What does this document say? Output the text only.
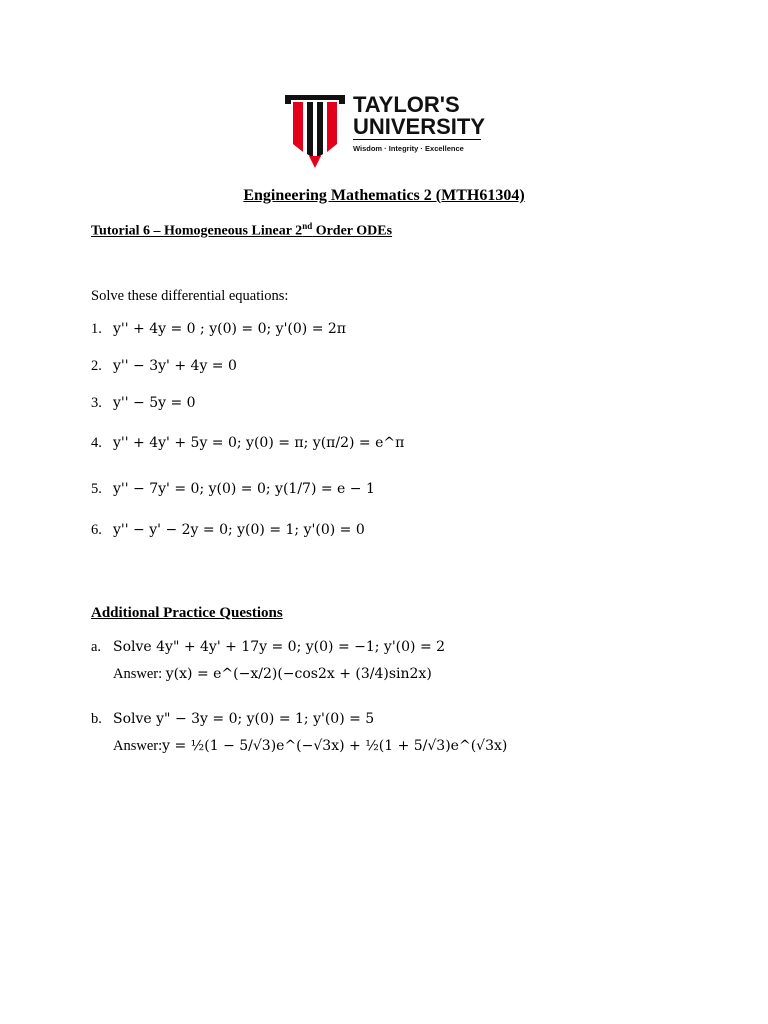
TAYLOR'S
UNIVERSITY
Wisdom · Integrity · Excellence
Engineering Mathematics 2 (MTH61304)
Tutorial 6 – Homogeneous Linear 2nd Order ODEs
Solve these differential equations:
1. y'' + 4y = 0 ; y(0) = 0; y'(0) = 2π
2. y'' − 3y' + 4y = 0
3. y'' − 5y = 0
4. y'' + 4y' + 5y = 0; y(0) = π; y(π/2) = e^π
5. y'' − 7y' = 0; y(0) = 0; y(1/7) = e − 1
6. y'' − y' − 2y = 0; y(0) = 1; y'(0) = 0
Additional Practice Questions
a. Solve 4y" + 4y' + 17y = 0; y(0) = −1; y'(0) = 2
Answer: y(x) = e^(−x/2)(−cos2x + (3/4)sin2x)
b. Solve y" − 3y = 0; y(0) = 1; y'(0) = 5
Answer:y = ½(1 − 5/√3)e^(−√3x) + ½(1 + 5/√3)e^(√3x)
